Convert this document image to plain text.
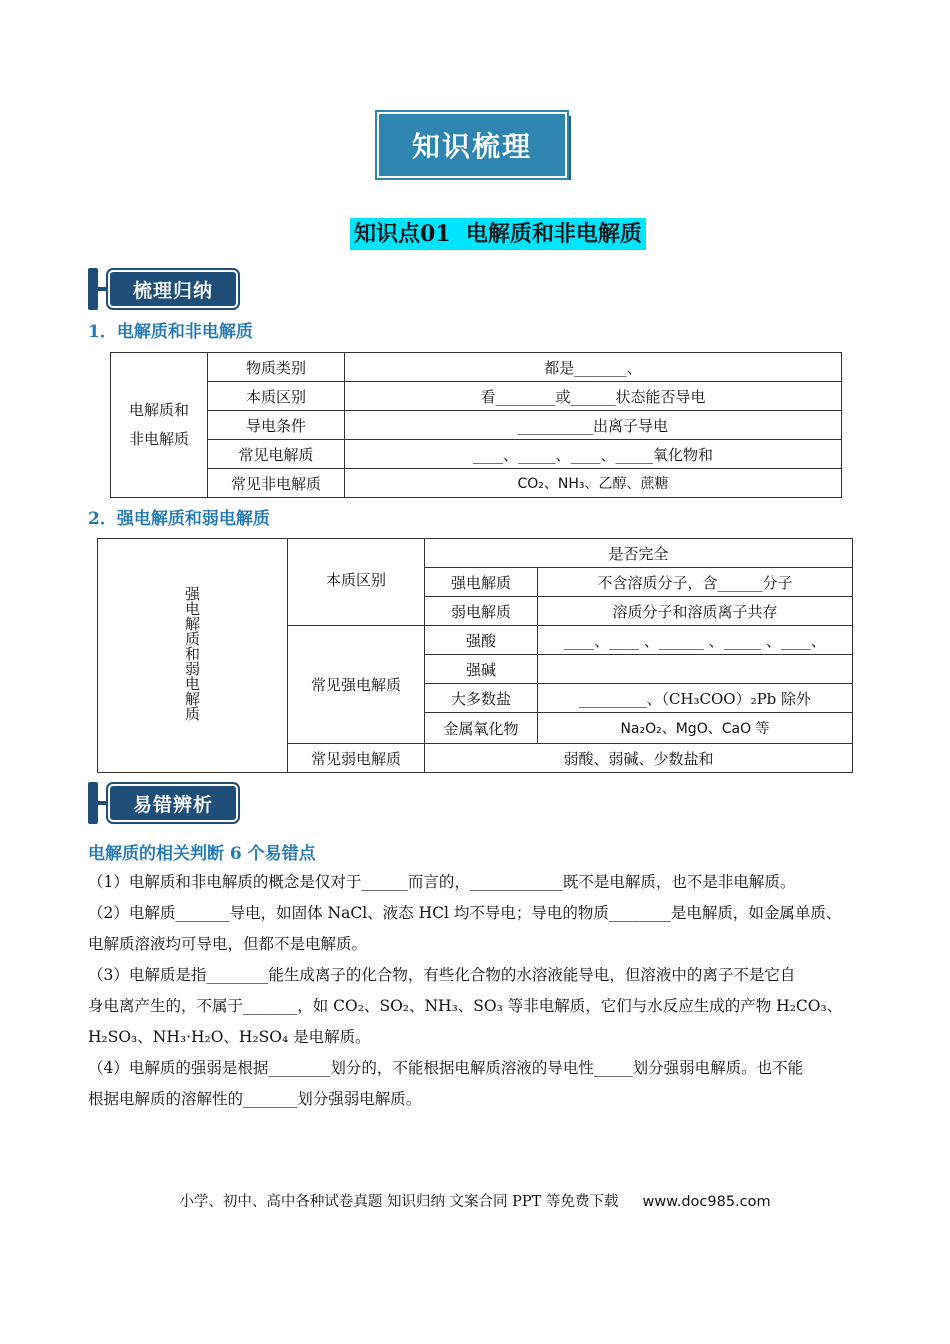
知识梳理
知识点01  电解质和非电解质
梳理归纳
1．电解质和非电解质
电解质和
非电解质	物质类别	都是_______、
	本质区别	看________或______状态能否导电
	导电条件	__________出离子导电
	常见电解质	____、_____、____、_____氧化物和
	常见非电解质	CO₂、NH₃、乙醇、蔗糖
2．强电解质和弱电解质
强电解质和弱电解质	本质区别	是否完全	
		强电解质	不含溶质分子，含______分子
		弱电解质	溶质分子和溶质离子共存
	常见强电解质	强酸	____、____ 、______ 、_____ 、____、
		强碱	
		大多数盐	_________、（CH₃COO）₂Pb 除外
		金属氧化物	Na₂O₂、MgO、CaO 等
	常见弱电解质	弱酸、弱碱、少数盐和	
易错辨析
电解质的相关判断 6 个易错点

（1）电解质和非电解质的概念是仅对于______而言的，____________既不是电解质，也不是非电解质。

（2）电解质_______导电，如固体 NaCl、液态 HCl 均不导电；导电的物质________是电解质，如金属单质、

电解质溶液均可导电，但都不是电解质。

（3）电解质是指________能生成离子的化合物，有些化合物的水溶液能导电，但溶液中的离子不是它自

身电离产生的，不属于_______，如 CO₂、SO₂、NH₃、SO₃ 等非电解质，它们与水反应生成的产物 H₂CO₃、

H₂SO₃、NH₃·H₂O、H₂SO₄ 是电解质。

（4）电解质的强弱是根据________划分的，不能根据电解质溶液的导电性_____划分强弱电解质。也不能

根据电解质的溶解性的_______划分强弱电解质。

小学、初中、高中各种试卷真题 知识归纳 文案合同 PPT 等免费下载 www.doc985.com
